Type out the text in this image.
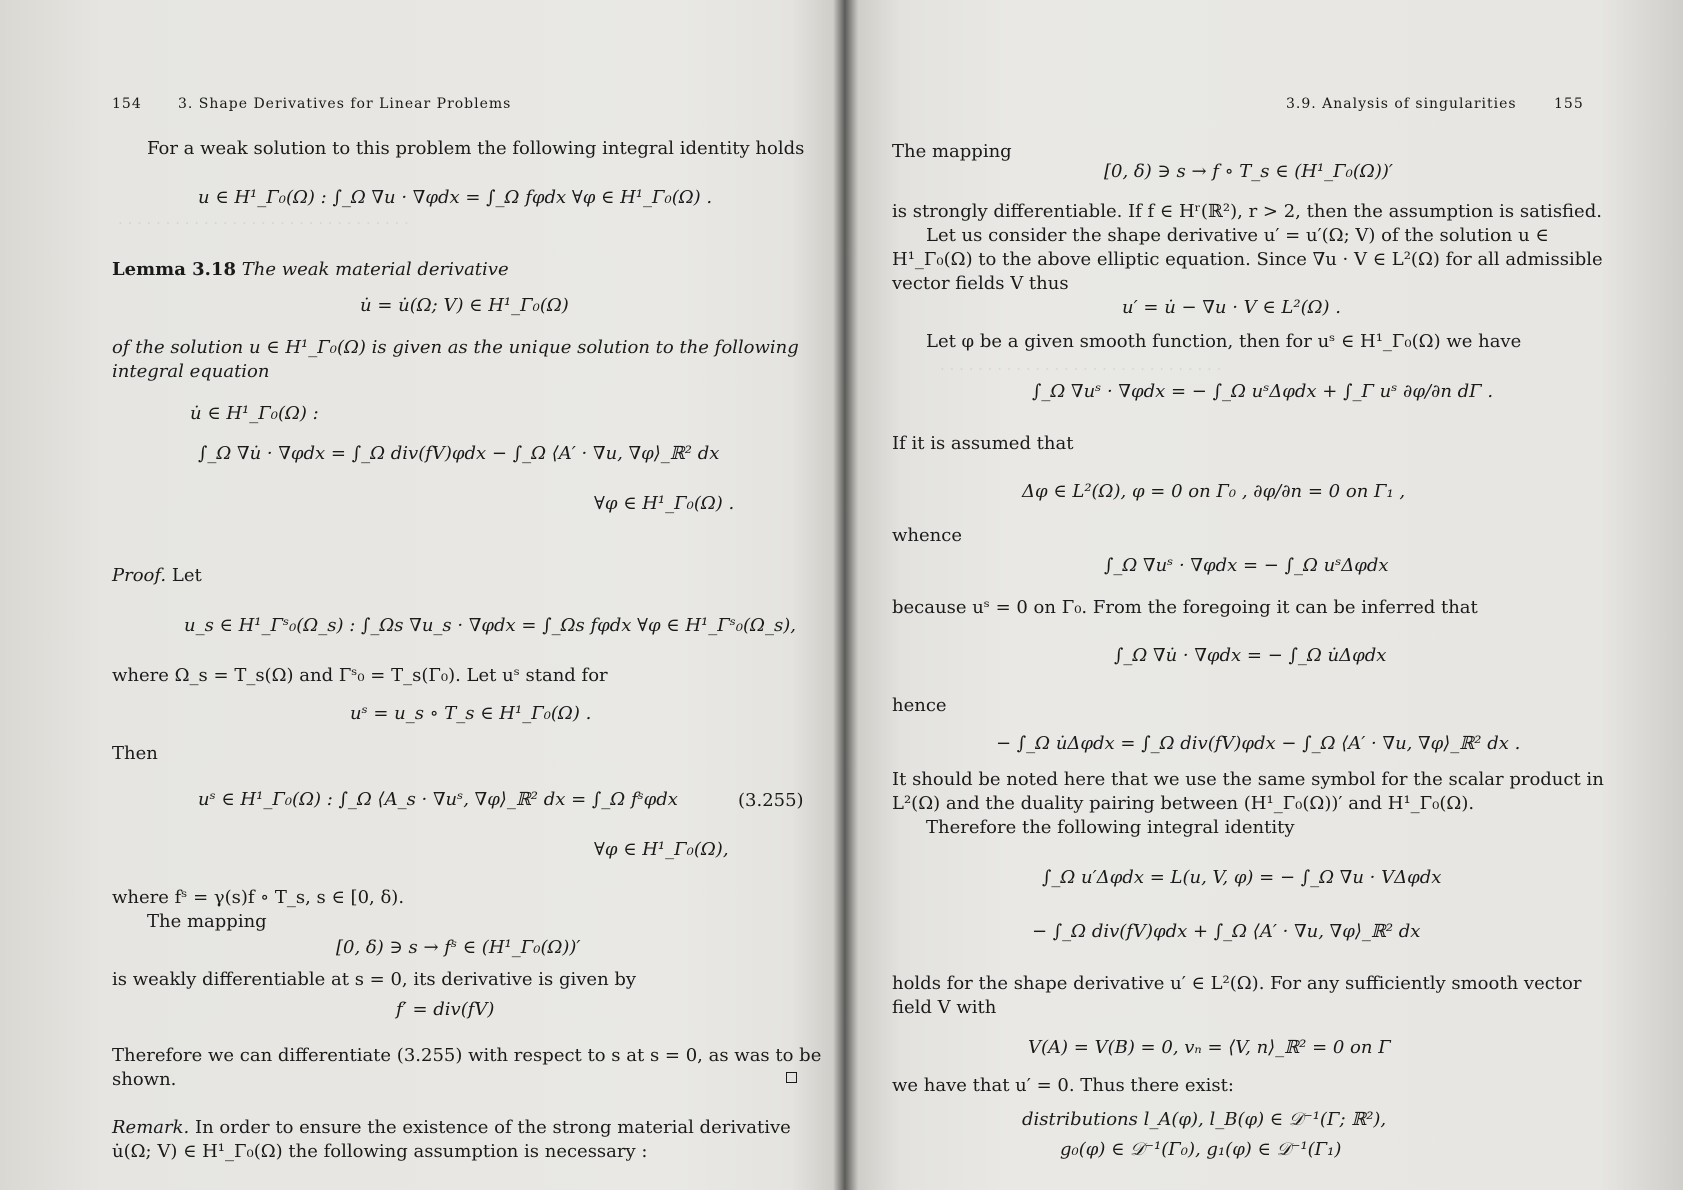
· · · · · · · · · · · · · · · · · · · · · · · · · · · · · · ·
· · · · · · · · · · · · · · · · · · · · · · · · · · · · · ·
154	3. Shape Derivatives for Linear Problems
For a weak solution to this problem the following integral identity holds
u ∈ H¹_Γ₀(Ω) : ∫_Ω ∇u · ∇φdx = ∫_Ω fφdx ∀φ ∈ H¹_Γ₀(Ω) .
Lemma 3.18 The weak material derivative
u̇ = u̇(Ω; V) ∈ H¹_Γ₀(Ω)
of the solution u ∈ H¹_Γ₀(Ω) is given as the unique solution to the following
integral equation
u̇ ∈ H¹_Γ₀(Ω) :
∫_Ω ∇u̇ · ∇φdx = ∫_Ω div(fV)φdx − ∫_Ω ⟨A′ · ∇u, ∇φ⟩_ℝ² dx
∀φ ∈ H¹_Γ₀(Ω) .
Proof. Let
u_s ∈ H¹_Γˢ₀(Ω_s) : ∫_Ωs ∇u_s · ∇φdx = ∫_Ωs fφdx ∀φ ∈ H¹_Γˢ₀(Ω_s),
where Ω_s = T_s(Ω) and Γˢ₀ = T_s(Γ₀). Let uˢ stand for
uˢ = u_s ∘ T_s ∈ H¹_Γ₀(Ω) .
Then
uˢ ∈ H¹_Γ₀(Ω) : ∫_Ω ⟨A_s · ∇uˢ, ∇φ⟩_ℝ² dx = ∫_Ω fˢφdx	(3.255)
∀φ ∈ H¹_Γ₀(Ω),
where fˢ = γ(s)f ∘ T_s, s ∈ [0, δ).
The mapping
[0, δ) ∋ s → fˢ ∈ (H¹_Γ₀(Ω))′
is weakly differentiable at s = 0, its derivative is given by
f′ = div(fV)
Therefore we can differentiate (3.255) with respect to s at s = 0, as was to be
shown.
Remark. In order to ensure the existence of the strong material derivative
u̇(Ω; V) ∈ H¹_Γ₀(Ω) the following assumption is necessary :
3.9. Analysis of singularities	155
The mapping
[0, δ) ∋ s → f ∘ T_s ∈ (H¹_Γ₀(Ω))′
is strongly differentiable. If f ∈ Hʳ(ℝ²), r > 2, then the assumption is satisfied.
Let us consider the shape derivative u′ = u′(Ω; V) of the solution u ∈
H¹_Γ₀(Ω) to the above elliptic equation. Since ∇u · V ∈ L²(Ω) for all admissible
vector fields V thus
u′ = u̇ − ∇u · V ∈ L²(Ω) .
Let φ be a given smooth function, then for uˢ ∈ H¹_Γ₀(Ω) we have
∫_Ω ∇uˢ · ∇φdx = − ∫_Ω uˢΔφdx + ∫_Γ uˢ ∂φ/∂n dΓ .
If it is assumed that
Δφ ∈ L²(Ω), φ = 0 on Γ₀ , ∂φ/∂n = 0 on Γ₁ ,
whence
∫_Ω ∇uˢ · ∇φdx = − ∫_Ω uˢΔφdx
because uˢ = 0 on Γ₀. From the foregoing it can be inferred that
∫_Ω ∇u̇ · ∇φdx = − ∫_Ω u̇Δφdx
hence
− ∫_Ω u̇Δφdx = ∫_Ω div(fV)φdx − ∫_Ω ⟨A′ · ∇u, ∇φ⟩_ℝ² dx .
It should be noted here that we use the same symbol for the scalar product in
L²(Ω) and the duality pairing between (H¹_Γ₀(Ω))′ and H¹_Γ₀(Ω).
Therefore the following integral identity
∫_Ω u′Δφdx = L(u, V, φ) = − ∫_Ω ∇u · VΔφdx
− ∫_Ω div(fV)φdx + ∫_Ω ⟨A′ · ∇u, ∇φ⟩_ℝ² dx
holds for the shape derivative u′ ∈ L²(Ω). For any sufficiently smooth vector
field V with
V(A) = V(B) = 0, vₙ = ⟨V, n⟩_ℝ² = 0 on Γ
we have that u′ = 0. Thus there exist:
distributions l_A(φ), l_B(φ) ∈ 𝒟⁻¹(Γ; ℝ²),
g₀(φ) ∈ 𝒟⁻¹(Γ₀), g₁(φ) ∈ 𝒟⁻¹(Γ₁)
